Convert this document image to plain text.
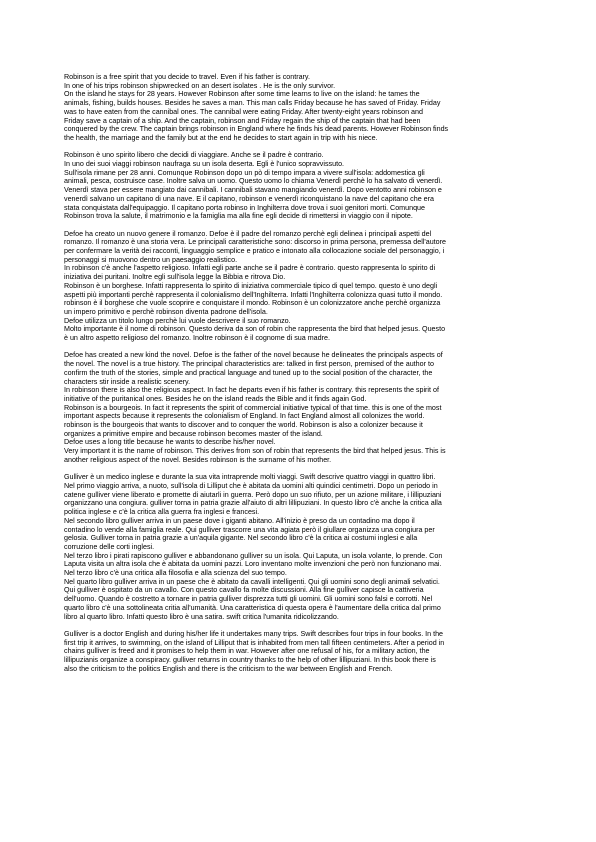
Robinson is a free spirit that you decide to travel. Even if his father is contrary.
In one of his trips robinson shipwrecked on an desert isolates . He is the only survivor.
On the island he stays for 28 years. However Robinson after some time learns to live on the island: he tames the
animals, fishing, builds houses. Besides he saves a man. This man calls Friday because he has saved of Friday. Friday
was to have eaten from the cannibal ones. The cannibal were eating Friday. After twenty-eight years robinson and
Friday save a captain of a ship. And the captain, robinson and Friday regain the ship of the captain that had been
conquered by the crew. The captain brings robinson in England where he finds his dead parents. However Robinson finds
the health, the marriage and the family but at the end he decides to start again in trip with his niece.
Robinson è uno spirito libero che decidi di viaggiare. Anche se il padre è contrario.
In uno dei suoi viaggi robinson naufraga su un isola deserta. Egli è l'unico sopravvissuto.
Sull'isola rimane per 28 anni. Comunque Robinson dopo un pò di tempo impara a vivere sull'isola: addomestica gli
animali, pesca, costruisce case. Inoltre salva un uomo. Questo uomo lo chiama Venerdì perchè lo ha salvato di venerdì.
Venerdì stava per essere mangiato dai cannibali. I cannibali stavano mangiando venerdì. Dopo ventotto anni robinson e
venerdì salvano un capitano di una nave. E il capitano, robinson e venerdì riconquistano la nave del capitano che era
stata conquistata dall'equipaggio. Il capitano porta robinso in Inghilterra dove trova i suoi genitori morti. Comunque
Robinson trova la salute, il matrimonio e la famiglia ma alla fine egli decide di rimettersi in viaggio con il nipote.
Defoe ha creato un nuovo genere il romanzo. Defoe è il padre del romanzo perchè egli delinea i principali aspetti del
romanzo. Il romanzo è una storia vera. Le principali caratteristiche sono: discorso in prima persona, premessa dell'autore
per confermare la verità dei racconti, linguaggio semplice e pratico e intonato alla collocazione sociale del personaggio, i
personaggi si muovono dentro un paesaggio realistico.
In robinson c'è anche l'aspetto religioso. Infatti egli parte anche se il padre è contrario. questo rappresenta lo spirito di
iniziativa dei puritani. Inoltre egli sull'isola legge la Bibbia e ritrova Dio.
Robinson è un borghese. Infatti rappresenta lo spirito di iniziativa commerciale tipico di quel tempo. questo è uno degli
aspetti più importanti perchè rappresenta il colonialismo dell'Inghilterra. Infatti l'Inghilterra colonizza quasi tutto il mondo.
robinson è il borghese che vuole scoprire e conquistare il mondo. Robinson è un colonizzatore anche perchè organizza
un impero primitivo e perchè robinson diventa padrone dell'isola.
Defoe utilizza un titolo lungo perchè lui vuole descrivere il suo romanzo.
Molto importante è il nome di robinson. Questo deriva da son of robin che rappresenta the bird that helped jesus. Questo
è un altro aspetto religioso del romanzo. Inoltre robinson è il cognome di sua madre.
Defoe has created a new kind the novel. Defoe is the father of the novel because he delineates the principals aspects of
the novel. The novel is a true history. The principal characteristics are: talked in first person, premised of the author to
confirm the truth of the stories, simple and practical language and tuned up to the social position of the character, the
characters stir inside a realistic scenery.
In robinson there is also the religious aspect. In fact he departs even if his father is contrary. this represents the spirit of
initiative of the puritanical ones. Besides he on the island reads the Bible and it finds again God.
Robinson is a bourgeois. In fact it represents the spirit of commercial initiative typical of that time. this is one of the most
important aspects because it represents the colonialism of England. In fact England almost all colonizes the world.
robinson is the bourgeois that wants to discover and to conquer the world. Robinson is also a colonizer because it
organizes a primitive empire and because robinson becomes master of the island.
Defoe uses a long title because he wants to describe his/her novel.
Very important it is the name of robinson. This derives from son of robin that represents the bird that helped jesus. This is
another religious aspect of the novel. Besides robinson is the surname of his mother.
Gulliver è un medico inglese e durante la sua vita intraprende molti viaggi. Swift descrive quattro viaggi in quattro libri.
Nel primo viaggio arriva, a nuoto, sull'isola di Lilliput che è abitata da uomini alti quindici centimetri. Dopo un periodo in
catene gulliver viene liberato e promette di aiutarli in guerra. Però dopo un suo rifiuto, per un azione militare, i lillipuziani
organizzano una congiura. gulliver torna in patria grazie all'aiuto di altri lillipuziani. In questo libro c'è anche la critica alla
politica inglese e c'è la critica alla guerra fra inglesi e francesi.
Nel secondo libro gulliver arriva in un paese dove i giganti abitano. All'inizio è preso da un contadino ma dopo il
contadino lo vende alla famiglia reale. Qui gulliver trascorre una vita agiata però il giullare organizza una congiura per
gelosia. Gulliver torna in patria grazie a un'aquila gigante. Nel secondo libro c'è la critica ai costumi inglesi e alla
corruzione delle corti inglesi.
Nel terzo libro i pirati rapiscono gulliver e abbandonano gulliver su un isola. Qui Laputa, un isola volante, lo prende. Con
Laputa visita un altra isola che è abitata da uomini pazzi. Loro inventano molte invenzioni che però non funzionano mai.
Nel terzo libro c'è una critica alla filosofia e alla scienza del suo tempo.
Nel quarto libro gulliver arriva in un paese che è abitato da cavalli intelligenti. Qui gli uomini sono degli animali selvatici.
Qui gulliver è ospitato da un cavallo. Con questo cavallo fa molte discussioni. Alla fine gulliver capisce la cattiveria
dell'uomo. Quando è costretto a tornare in patria gulliver disprezza tutti gli uomini. Gli uomini sono falsi e corrotti. Nel
quarto libro c'è una sottolineata critia all'umanità. Una caratteristica di questa opera è l'aumentare della critica dal primo
libro al quarto libro. Infatti questo libro è una satira. swift critica l'umanita ridicolizzando.
Gulliver is a doctor English and during his/her life it undertakes many trips. Swift describes four trips in four books. In the
first trip it arrives, to swimming, on the island of Lilliput that is inhabited from men tall fifteen centimeters. After a period in
chains gulliver is freed and it promises to help them in war. However after one refusal of his, for a military action, the
lillipuzianis organize a conspiracy. gulliver returns in country thanks to the help of other lillipuziani. In this book there is
also the criticism to the politics English and there is the criticism to the war between English and French.
